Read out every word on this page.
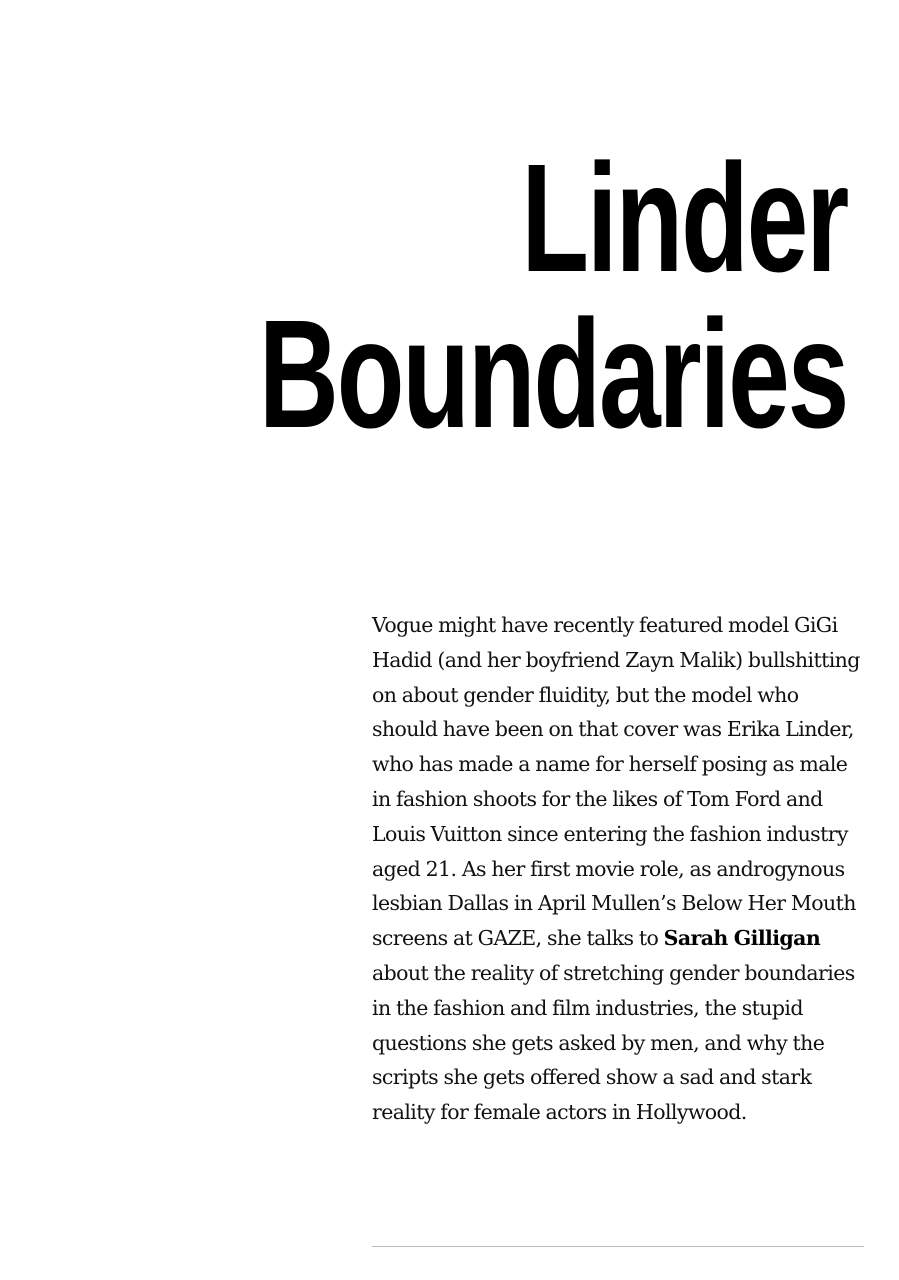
Linder
Boundaries

Vogue might have recently featured model GiGi Hadid (and her boyfriend Zayn Malik) bullshitting on about gender fluidity, but the model who should have been on that cover was Erika Linder, who has made a name for herself posing as male in fashion shoots for the likes of Tom Ford and Louis Vuitton since entering the fashion industry aged 21. As her first movie role, as androgynous lesbian Dallas in April Mullen’s Below Her Mouth screens at GAZE, she talks to Sarah Gilligan about the reality of stretching gender boundaries in the fashion and film industries, the stupid questions she gets asked by men, and why the scripts she gets offered show a sad and stark reality for female actors in Hollywood.
